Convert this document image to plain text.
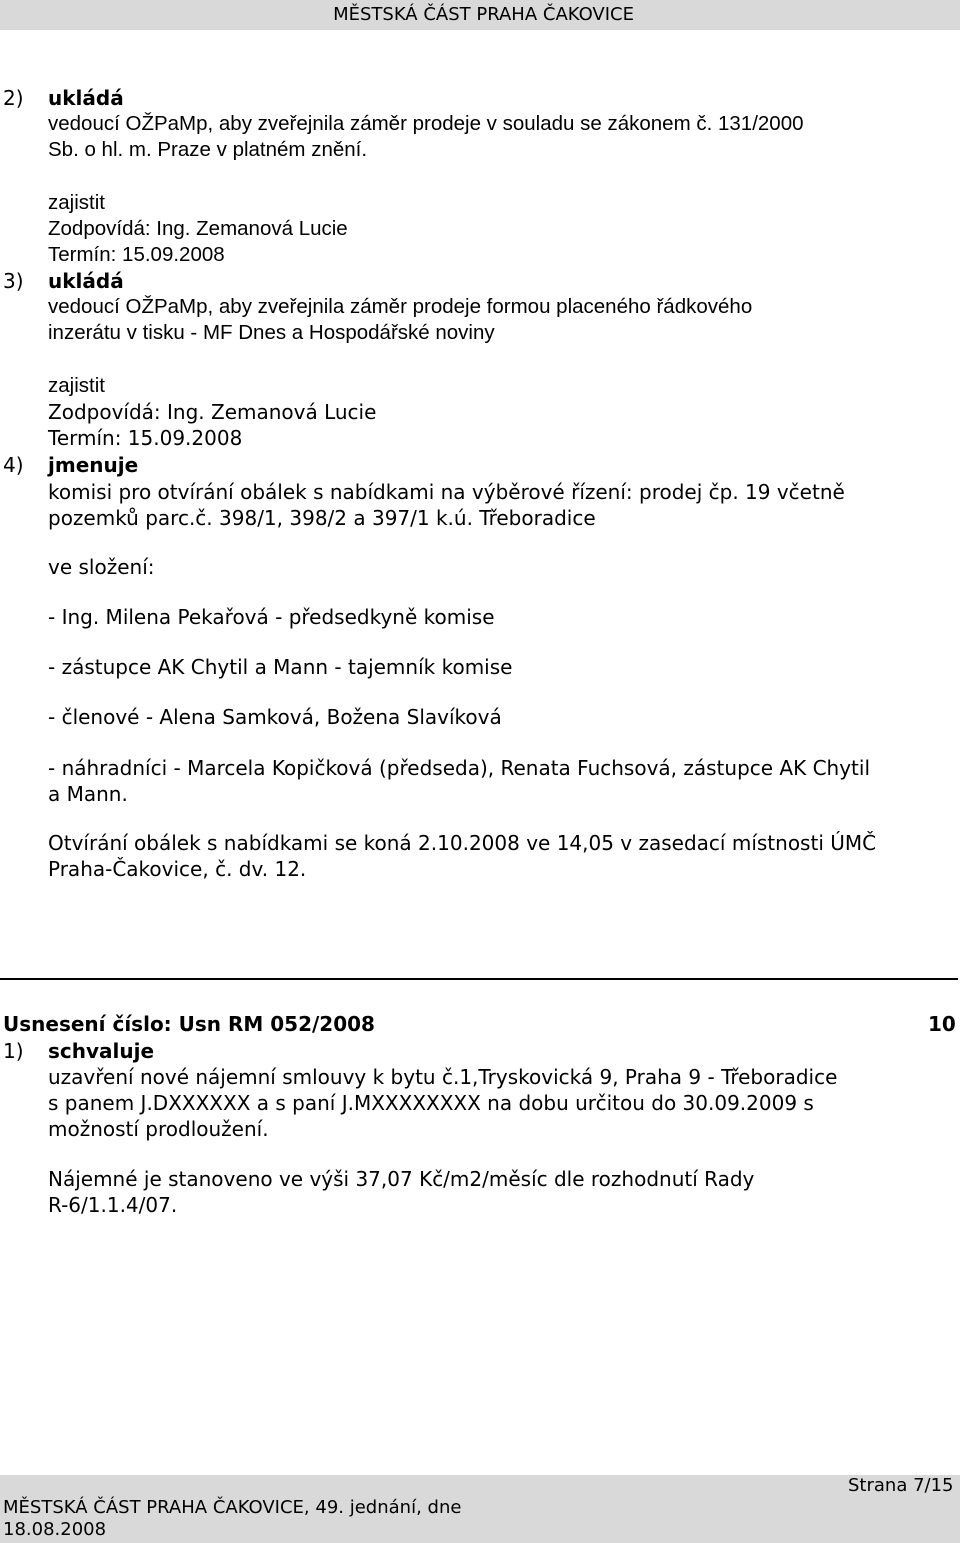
MĚSTSKÁ ČÁST PRAHA ČAKOVICE
2) ukládá
vedoucí OŽPaMp, aby zveřejnila záměr prodeje v souladu se zákonem č. 131/2000
Sb. o hl. m. Praze v platném znění.
zajistit
Zodpovídá: Ing. Zemanová Lucie
Termín: 15.09.2008
3) ukládá
vedoucí OŽPaMp, aby zveřejnila záměr prodeje formou placeného řádkového
inzerátu v tisku - MF Dnes a Hospodářské noviny
zajistit
Zodpovídá: Ing. Zemanová Lucie
Termín: 15.09.2008
4) jmenuje
komisi pro otvírání obálek s nabídkami na výběrové řízení: prodej čp. 19 včetně
pozemků parc.č. 398/1, 398/2 a 397/1 k.ú. Třeboradice
ve složení:
- Ing. Milena Pekařová - předsedkyně komise
- zástupce AK Chytil a Mann - tajemník komise
- členové - Alena Samková, Božena Slavíková
- náhradníci - Marcela Kopičková (předseda), Renata Fuchsová, zástupce AK Chytil
a Mann.
Otvírání obálek s nabídkami se koná 2.10.2008 ve 14,05 v zasedací místnosti ÚMČ
Praha-Čakovice, č. dv. 12.
Usnesení číslo: Usn RM 052/2008	10
1) schvaluje
uzavření nové nájemní smlouvy k bytu č.1,Tryskovická 9, Praha 9 - Třeboradice
s panem J.DXXXXXX a s paní J.MXXXXXXXX na dobu určitou do 30.09.2009 s
možností prodloužení.
Nájemné je stanoveno ve výši 37,07 Kč/m2/měsíc dle rozhodnutí Rady
R-6/1.1.4/07.
Strana 7/15
MĚSTSKÁ ČÁST PRAHA ČAKOVICE, 49. jednání, dne
18.08.2008
